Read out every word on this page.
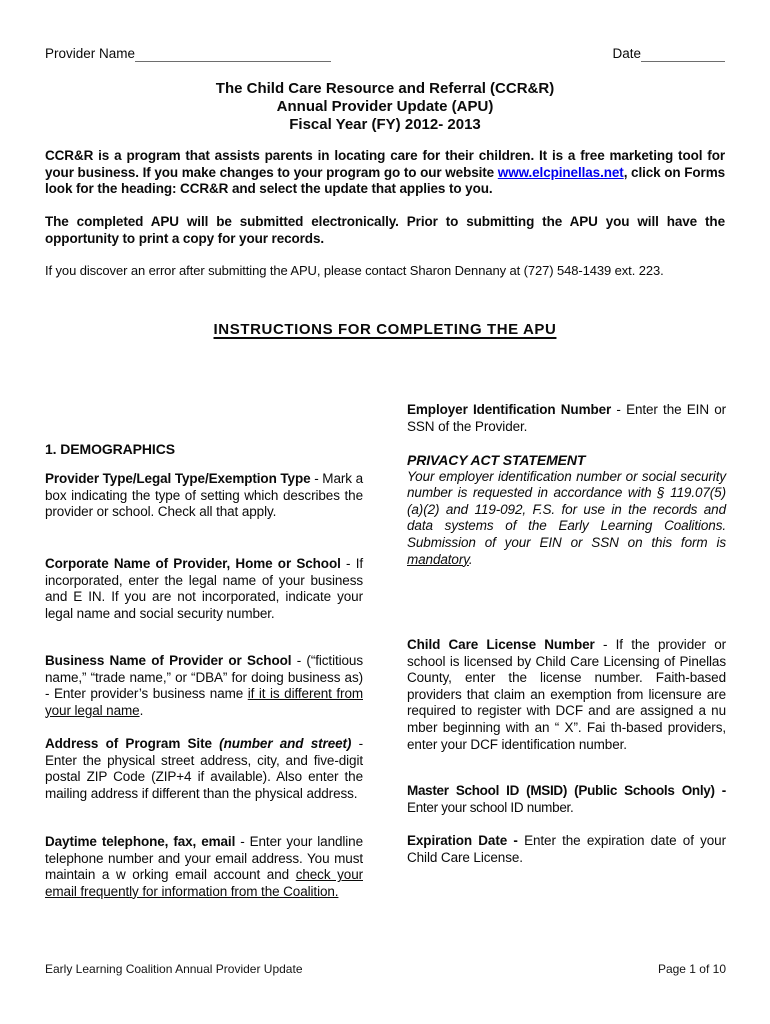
Provider Name	Date
The Child Care Resource and Referral (CCR&R)
Annual Provider Update (APU)
Fiscal Year (FY) 2012- 2013

CCR&R is a program that assists parents in locating care for their children. It is a free marketing tool for your business. If you make changes to your program go to our website www.elcpinellas.net, click on Forms look for the heading: CCR&R and select the update that applies to you.

The completed APU will be submitted electronically. Prior to submitting the APU you will have the opportunity to print a copy for your records.

If you discover an error after submitting the APU, please contact Sharon Dennany at (727) 548-1439 ext. 223.

INSTRUCTIONS FOR COMPLETING THE APU

1. DEMOGRAPHICS

Provider Type/Legal Type/Exemption Type - Mark a box indicating the type of setting which describes the provider or school. Check all that apply.

Corporate Name of Provider, Home or School - If incorporated, enter the legal name of your business and E IN. If you are not incorporated, indicate your legal name and social security number.

Business Name of Provider or School - (“fictitious name,” “trade name,” or “DBA” for doing business as) - Enter provider’s business name if it is different from your legal name.

Address of Program Site (number and street) - Enter the physical street address, city, and five-digit postal ZIP Code (ZIP+4 if available). Also enter the mailing address if different than the physical address.

Daytime telephone, fax, email - Enter your landline telephone number and your email address. You must maintain a w orking email account and check your email frequently for information from the Coalition.

Employer Identification Number - Enter the EIN or SSN of the Provider.

PRIVACY ACT STATEMENT
Your employer identification number or social security number is requested in accordance with § 119.07(5)(a)(2) and 119-092, F.S. for use in the records and data systems of the Early Learning Coalitions. Submission of your EIN or SSN on this form is mandatory.

Child Care License Number - If the provider or school is licensed by Child Care Licensing of Pinellas County, enter the license number. Faith-based providers that claim an exemption from licensure are required to register with DCF and are assigned a nu mber beginning with an “ X”. Fai th-based providers, enter your DCF identification number.

Master School ID (MSID) (Public Schools Only) - Enter your school ID number.

Expiration Date - Enter the expiration date of your Child Care License.

Early Learning Coalition Annual Provider Update	Page 1 of 10
